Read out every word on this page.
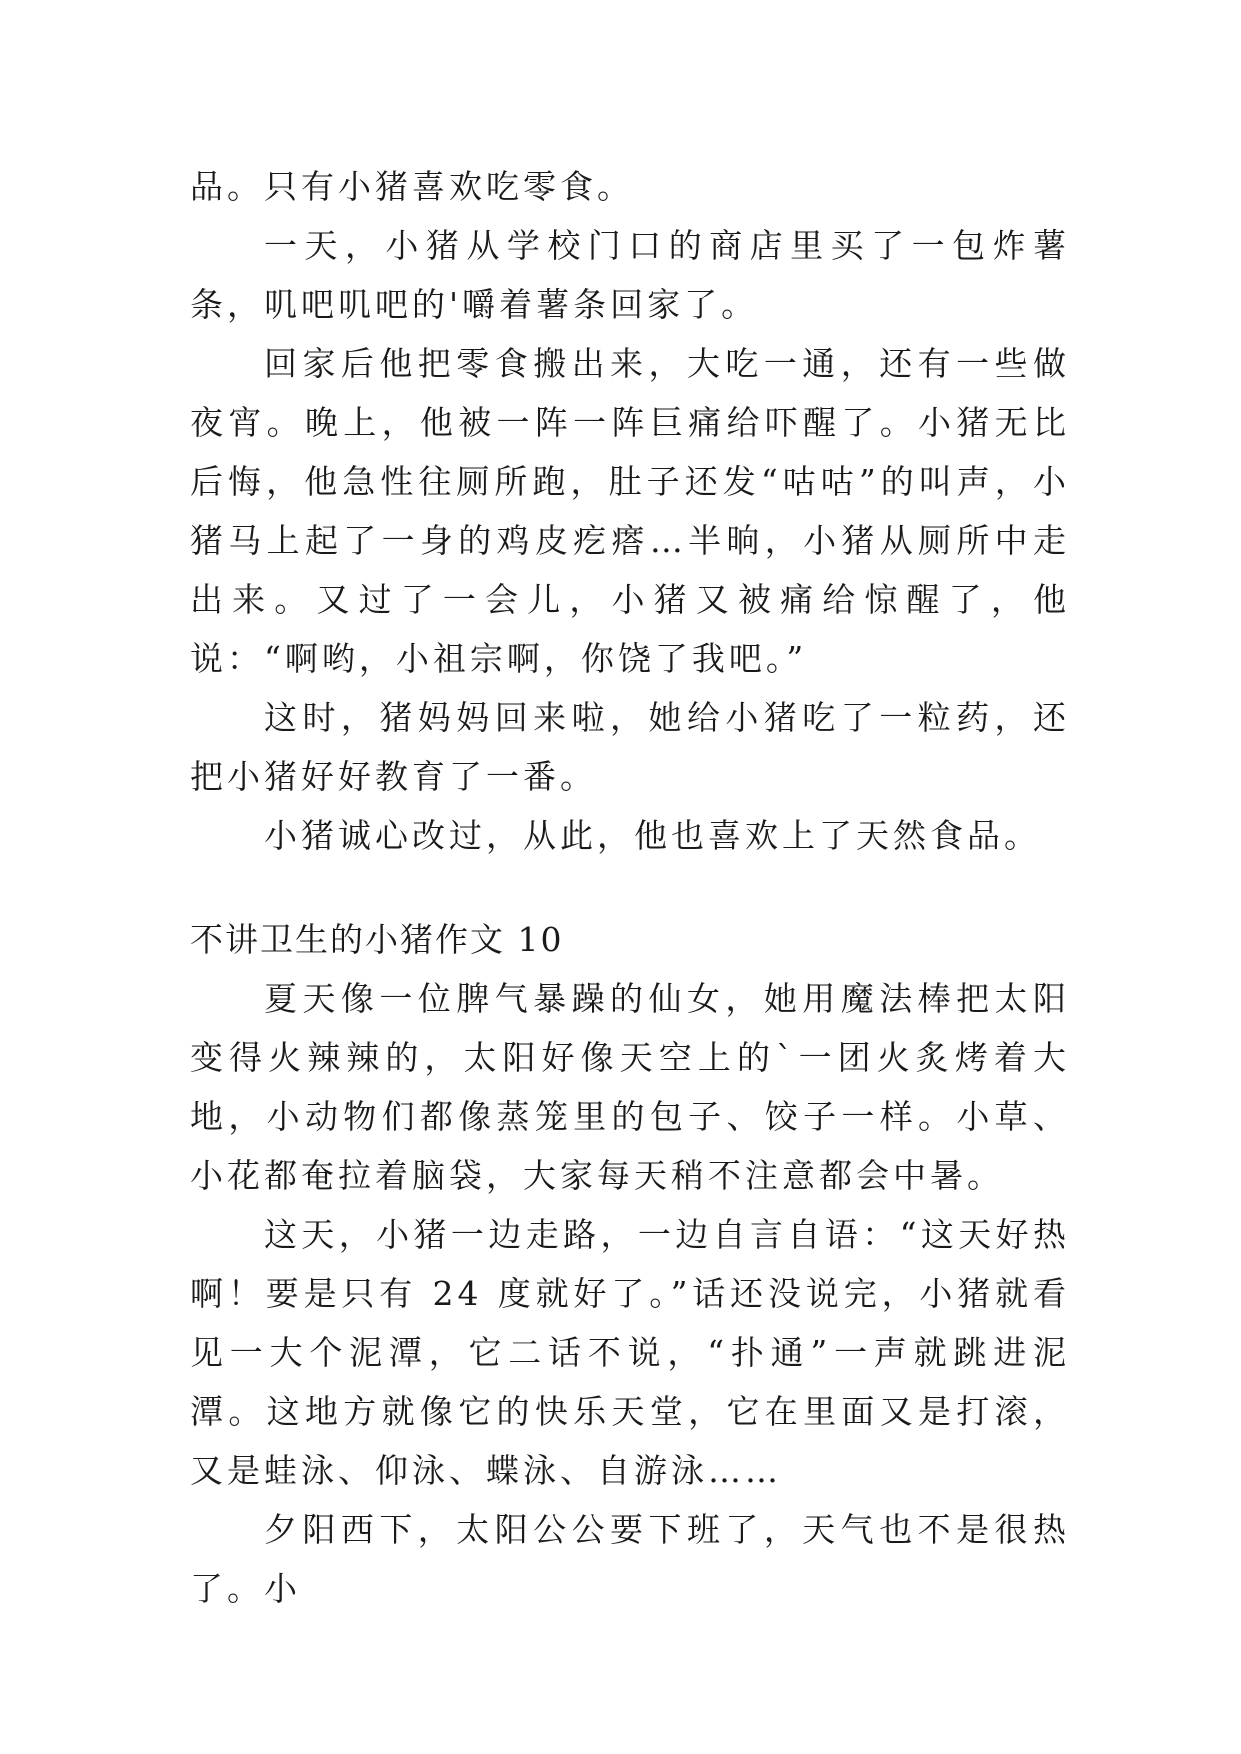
品。只有小猪喜欢吃零食。

一天，小猪从学校门口的商店里买了一包炸薯条，叽吧叽吧的'嚼着薯条回家了。

回家后他把零食搬出来，大吃一通，还有一些做夜宵。晚上，他被一阵一阵巨痛给吓醒了。小猪无比后悔，他急性往厕所跑，肚子还发“咕咕”的叫声，小猪马上起了一身的鸡皮疙瘩…半晌，小猪从厕所中走出来。又过了一会儿，小猪又被痛给惊醒了，他说：“啊哟，小祖宗啊，你饶了我吧。”

这时，猪妈妈回来啦，她给小猪吃了一粒药，还把小猪好好教育了一番。

小猪诚心改过，从此，他也喜欢上了天然食品。

不讲卫生的小猪作文 10

夏天像一位脾气暴躁的仙女，她用魔法棒把太阳变得火辣辣的，太阳好像天空上的`一团火炙烤着大地，小动物们都像蒸笼里的包子、饺子一样。小草、小花都奄拉着脑袋，大家每天稍不注意都会中暑。

这天，小猪一边走路，一边自言自语：“这天好热啊！要是只有 24 度就好了。”话还没说完，小猪就看见一大个泥潭，它二话不说，“扑通”一声就跳进泥潭。这地方就像它的快乐天堂，它在里面又是打滚，又是蛙泳、仰泳、蝶泳、自游泳……

夕阳西下，太阳公公要下班了，天气也不是很热了。小
